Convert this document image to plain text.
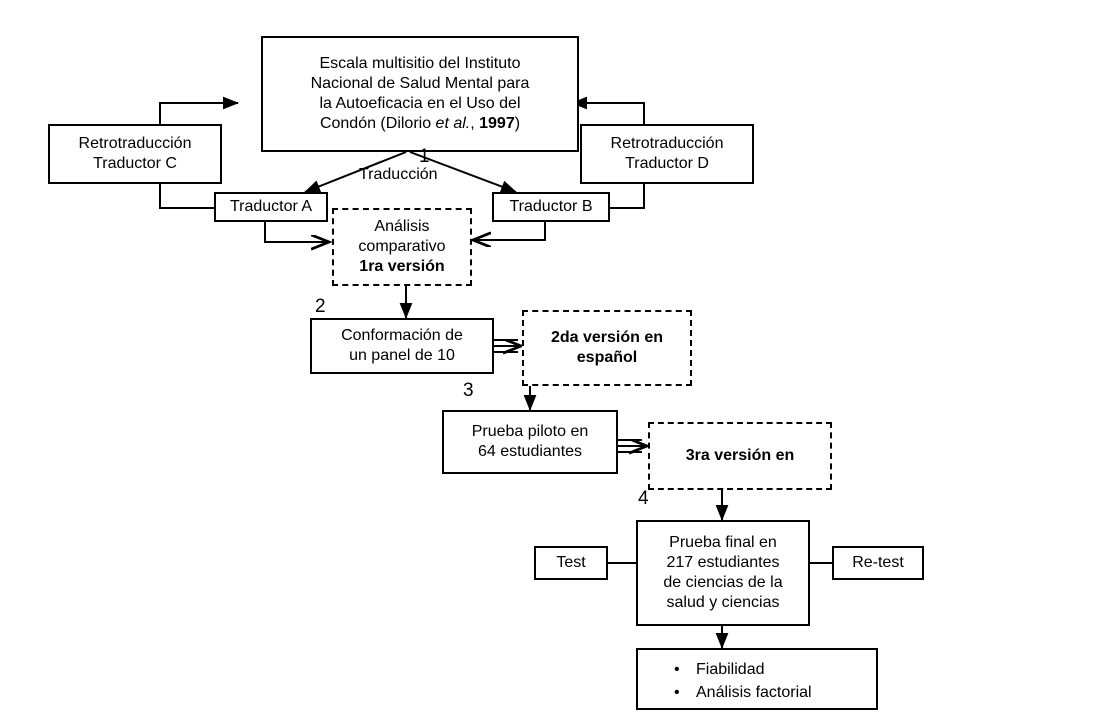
Escala multisitio del Instituto
Nacional de Salud Mental para
la Autoeficacia en el Uso del
Condón (Dilorio et al., 1997)
Retrotraducción
Traductor C
Retrotraducción
Traductor D
1
Traducción
Traductor A	Traductor B
Análisis
comparativo
1ra versión
2
Conformación de
un panel de 10
2da versión en
español
3
Prueba piloto en
64 estudiantes	3ra versión en
4
Prueba final en
217 estudiantes
de ciencias de la
salud y ciencias
Test	Re-test
• Fiabilidad
• Análisis factorial
